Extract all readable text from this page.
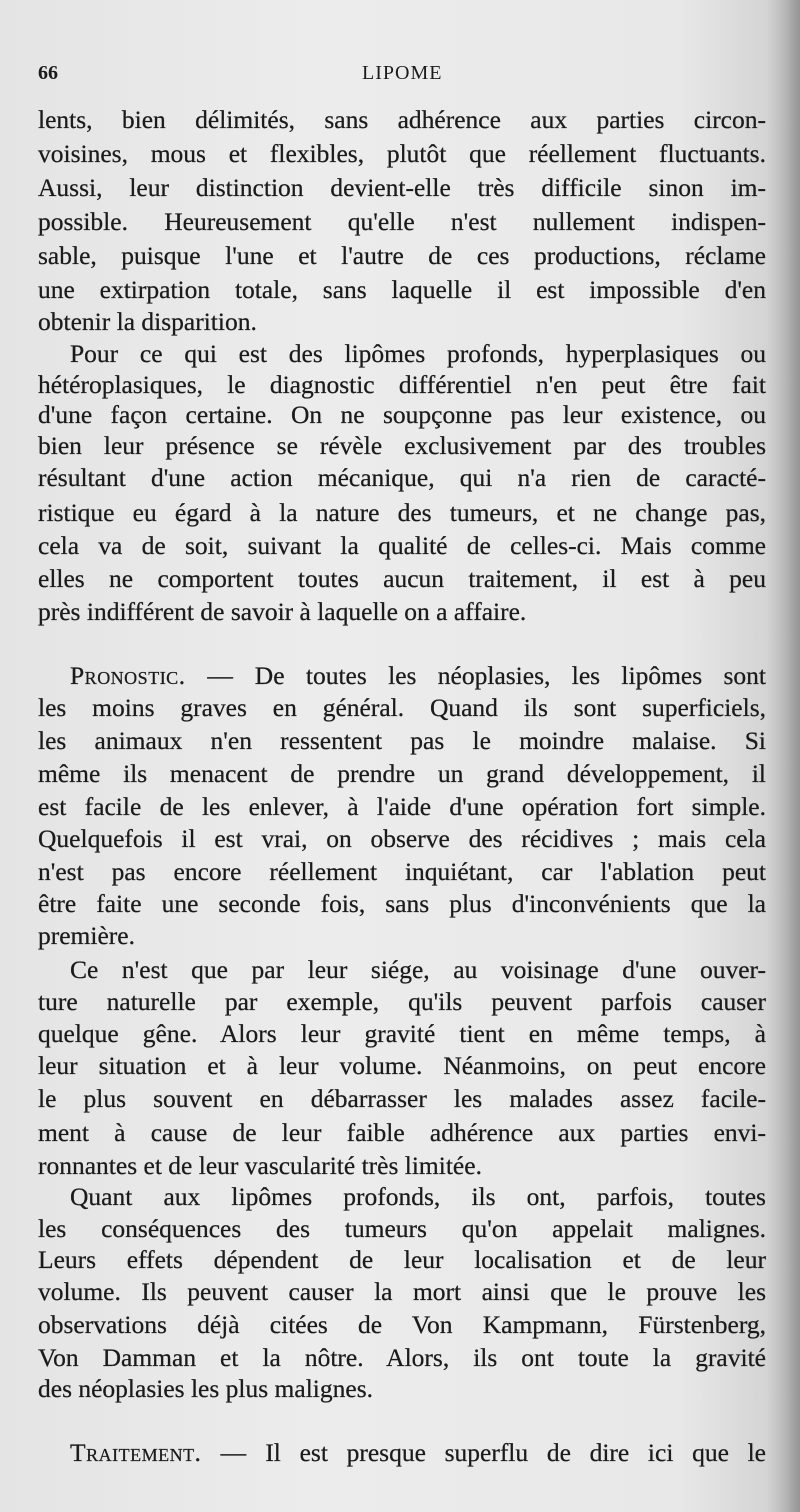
66	LIPOME
lents, bien délimités, sans adhérence aux parties circon-
voisines, mous et flexibles, plutôt que réellement fluctuants.
Aussi, leur distinction devient-elle très difficile sinon im-
possible. Heureusement qu'elle n'est nullement indispen-
sable, puisque l'une et l'autre de ces productions, réclame
une extirpation totale, sans laquelle il est impossible d'en
obtenir la disparition.
Pour ce qui est des lipômes profonds, hyperplasiques ou
hétéroplasiques, le diagnostic différentiel n'en peut être fait
d'une façon certaine. On ne soupçonne pas leur existence, ou
bien leur présence se révèle exclusivement par des troubles
résultant d'une action mécanique, qui n'a rien de caracté-
ristique eu égard à la nature des tumeurs, et ne change pas,
cela va de soit, suivant la qualité de celles-ci. Mais comme
elles ne comportent toutes aucun traitement, il est à peu
près indifférent de savoir à laquelle on a affaire.
Pronostic. — De toutes les néoplasies, les lipômes sont
les moins graves en général. Quand ils sont superficiels,
les animaux n'en ressentent pas le moindre malaise. Si
même ils menacent de prendre un grand développement, il
est facile de les enlever, à l'aide d'une opération fort simple.
Quelquefois il est vrai, on observe des récidives ; mais cela
n'est pas encore réellement inquiétant, car l'ablation peut
être faite une seconde fois, sans plus d'inconvénients que la
première.
Ce n'est que par leur siége, au voisinage d'une ouver-
ture naturelle par exemple, qu'ils peuvent parfois causer
quelque gêne. Alors leur gravité tient en même temps, à
leur situation et à leur volume. Néanmoins, on peut encore
le plus souvent en débarrasser les malades assez facile-
ment à cause de leur faible adhérence aux parties envi-
ronnantes et de leur vascularité très limitée.
Quant aux lipômes profonds, ils ont, parfois, toutes
les conséquences des tumeurs qu'on appelait malignes.
Leurs effets dépendent de leur localisation et de leur
volume. Ils peuvent causer la mort ainsi que le prouve les
observations déjà citées de Von Kampmann, Fürstenberg,
Von Damman et la nôtre. Alors, ils ont toute la gravité
des néoplasies les plus malignes.
Traitement. — Il est presque superflu de dire ici que le
